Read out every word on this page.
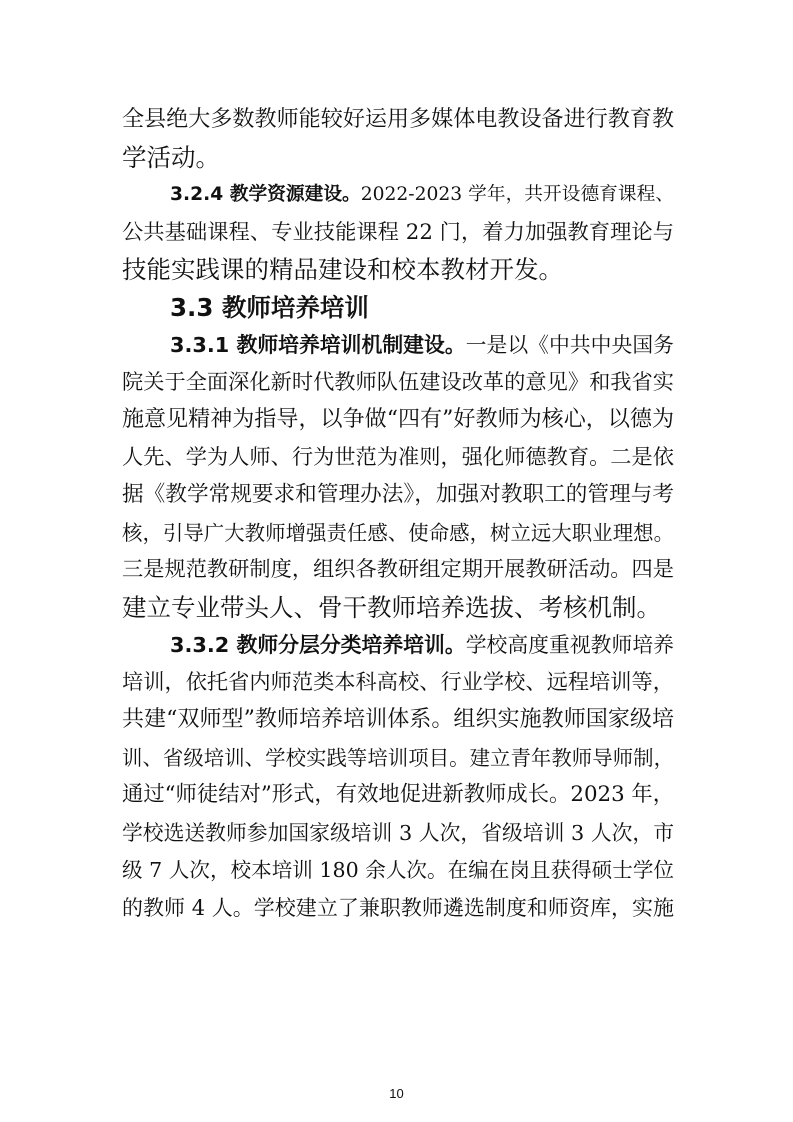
全县绝大多数教师能较好运用多媒体电教设备进行教育教
学活动。
3.2.4 教学资源建设。2022-2023 学年，共开设德育课程、
公共基础课程、专业技能课程 22 门，着力加强教育理论与
技能实践课的精品建设和校本教材开发。
3.3 教师培养培训
3.3.1 教师培养培训机制建设。一是以《中共中央国务
院关于全面深化新时代教师队伍建设改革的意见》和我省实
施意见精神为指导，以争做“四有”好教师为核心，以德为
人先、学为人师、行为世范为准则，强化师德教育。二是依
据《教学常规要求和管理办法》，加强对教职工的管理与考
核，引导广大教师增强责任感、使命感，树立远大职业理想。
三是规范教研制度，组织各教研组定期开展教研活动。四是
建立专业带头人、骨干教师培养选拔、考核机制。
3.3.2 教师分层分类培养培训。学校高度重视教师培养
培训，依托省内师范类本科高校、行业学校、远程培训等，
共建“双师型”教师培养培训体系。组织实施教师国家级培
训、省级培训、学校实践等培训项目。建立青年教师导师制，
通过“师徒结对”形式，有效地促进新教师成长。2023 年，
学校选送教师参加国家级培训 3 人次，省级培训 3 人次，市
级 7 人次，校本培训 180 余人次。在编在岗且获得硕士学位
的教师 4 人。学校建立了兼职教师遴选制度和师资库，实施
10
